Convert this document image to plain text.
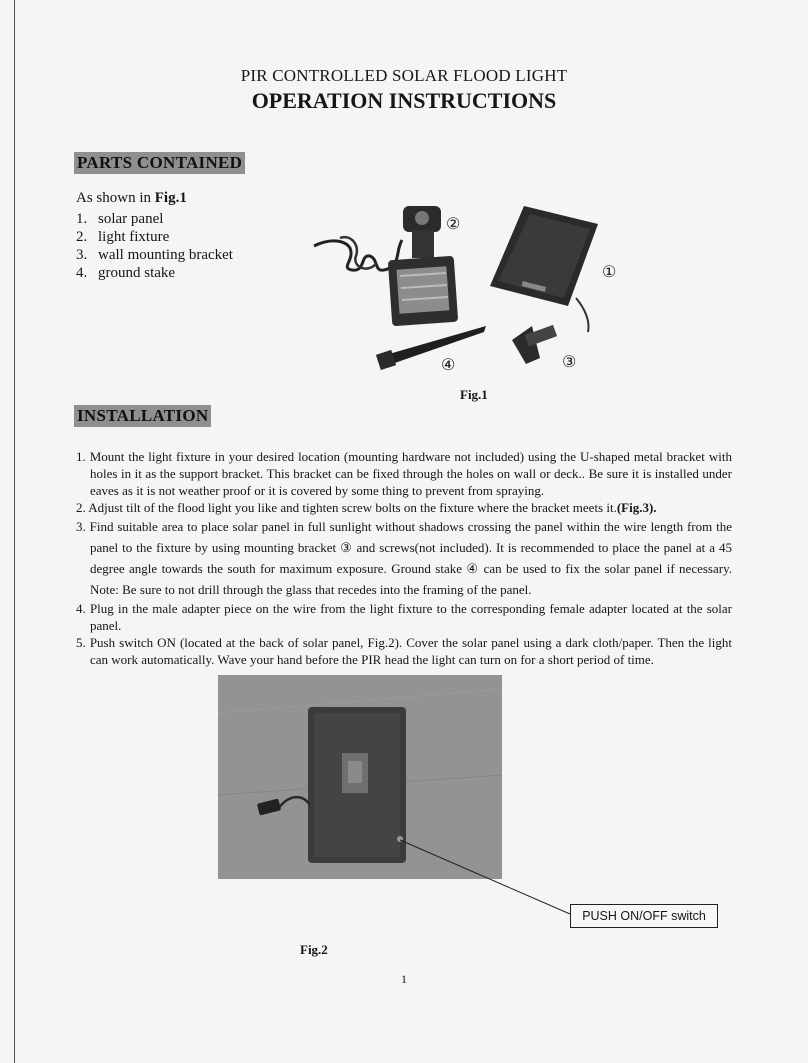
PIR CONTROLLED SOLAR FLOOD LIGHT
OPERATION INSTRUCTIONS
PARTS CONTAINED
As shown in Fig.1
1. solar panel
2. light fixture
3. wall mounting bracket
4. ground stake
②
①
④	③
Fig.1
INSTALLATION
1. Mount the light fixture in your desired location (mounting hardware not included) using the U-shaped metal bracket with holes in it as the support bracket. This bracket can be fixed through the holes on wall or deck.. Be sure it is installed under eaves as it is not weather proof or it is covered by some thing to prevent from spraying.
2. Adjust tilt of the flood light you like and tighten screw bolts on the fixture where the bracket meets it.(Fig.3).
3. Find suitable area to place solar panel in full sunlight without shadows crossing the panel within the wire length from the panel to the fixture by using mounting bracket ③ and screws(not included). It is recommended to place the panel at a 45 degree angle towards the south for maximum exposure. Ground stake ④ can be used to fix the solar panel if necessary. Note: Be sure to not drill through the glass that recedes into the framing of the panel.
4. Plug in the male adapter piece on the wire from the light fixture to the corresponding female adapter located at the solar panel.
5. Push switch ON (located at the back of solar panel, Fig.2). Cover the solar panel using a dark cloth/paper. Then the light can work automatically. Wave your hand before the PIR head the light can turn on for a short period of time.
PUSH ON/OFF switch
Fig.2
1
